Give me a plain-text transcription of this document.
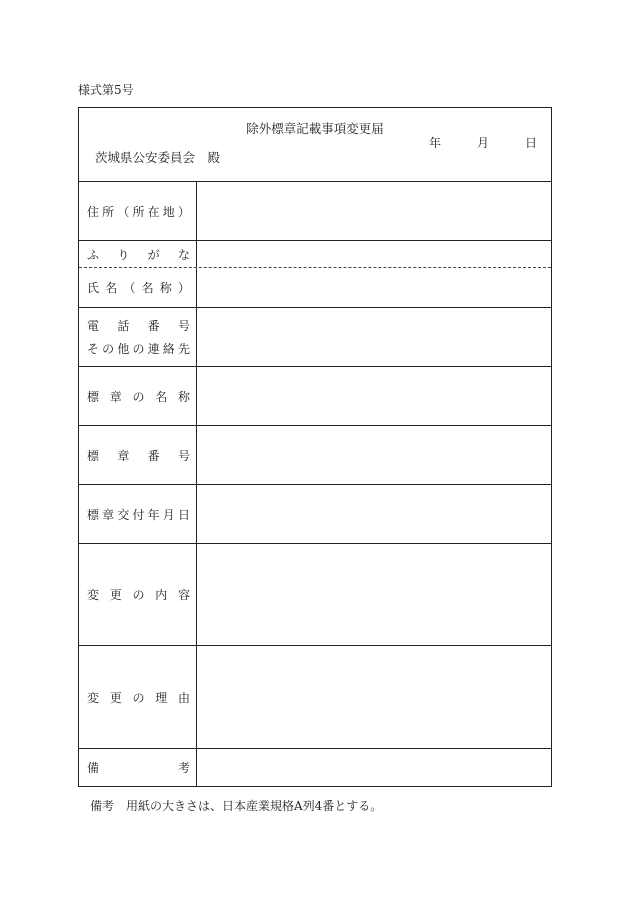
様式第5号
除外標章記載事項変更届
年	月	日
茨城県公安委員会　殿
住 所 （ 所 在 地 ）
ふ り が な
氏 名 （ 名 称 ）
電 話 番 号
そ の 他 の 連 絡 先
標 章 の 名 称
標 章 番 号
標 章 交 付 年 月 日
変 更 の 内 容
変 更 の 理 由
備	考
備考　用紙の大きさは、日本産業規格A列4番とする。
